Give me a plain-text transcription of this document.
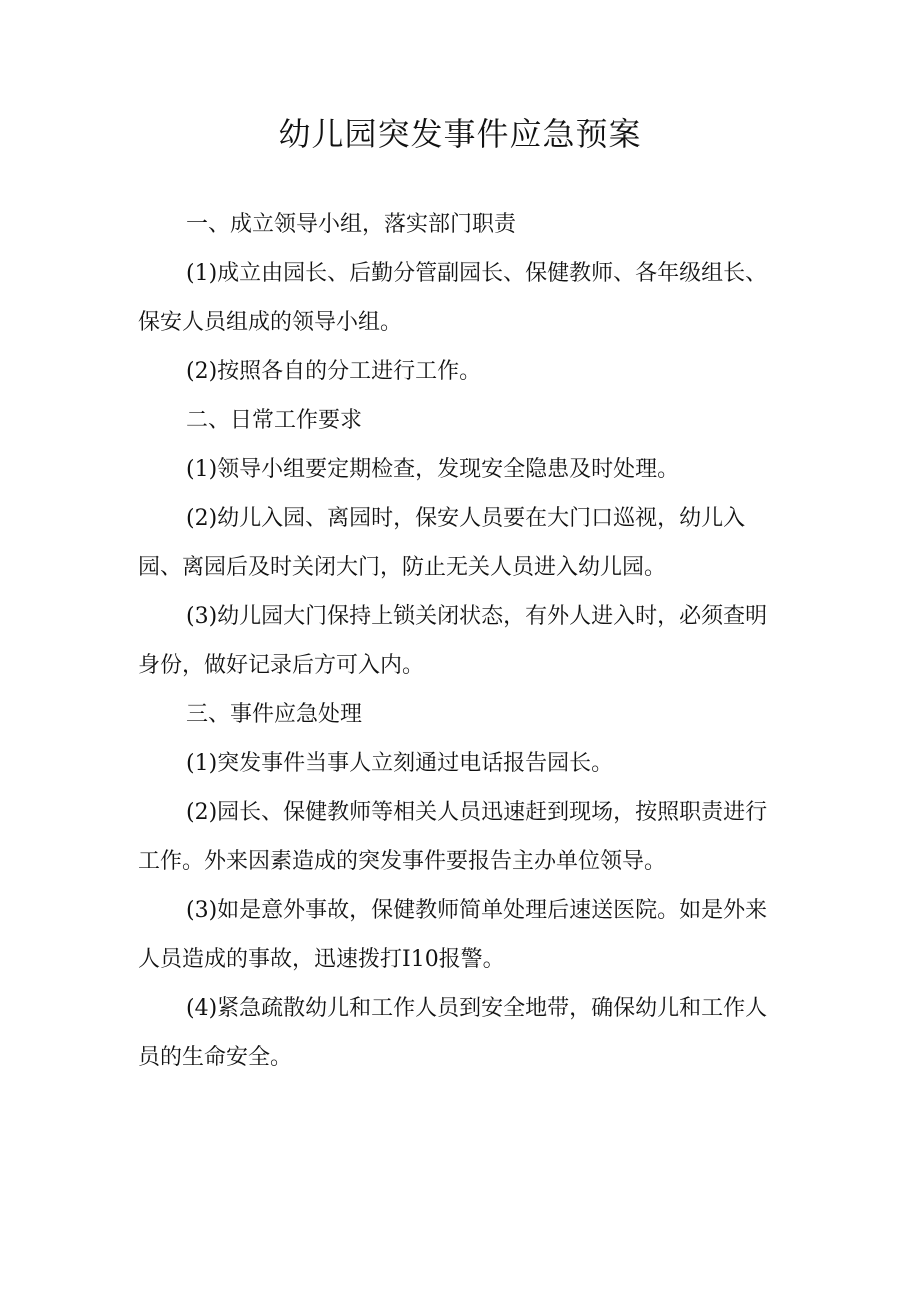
幼儿园突发事件应急预案

一、成立领导小组，落实部门职责

(1)成立由园长、后勤分管副园长、保健教师、各年级组长、保安人员组成的领导小组。

(2)按照各自的分工进行工作。

二、日常工作要求

(1)领导小组要定期检查，发现安全隐患及时处理。

(2)幼儿入园、离园时，保安人员要在大门口巡视，幼儿入园、离园后及时关闭大门，防止无关人员进入幼儿园。

(3)幼儿园大门保持上锁关闭状态，有外人进入时，必须查明身份，做好记录后方可入内。

三、事件应急处理

(1)突发事件当事人立刻通过电话报告园长。

(2)园长、保健教师等相关人员迅速赶到现场，按照职责进行工作。外来因素造成的突发事件要报告主办单位领导。

(3)如是意外事故，保健教师简单处理后速送医院。如是外来人员造成的事故，迅速拨打I10报警。

(4)紧急疏散幼儿和工作人员到安全地带，确保幼儿和工作人员的生命安全。
